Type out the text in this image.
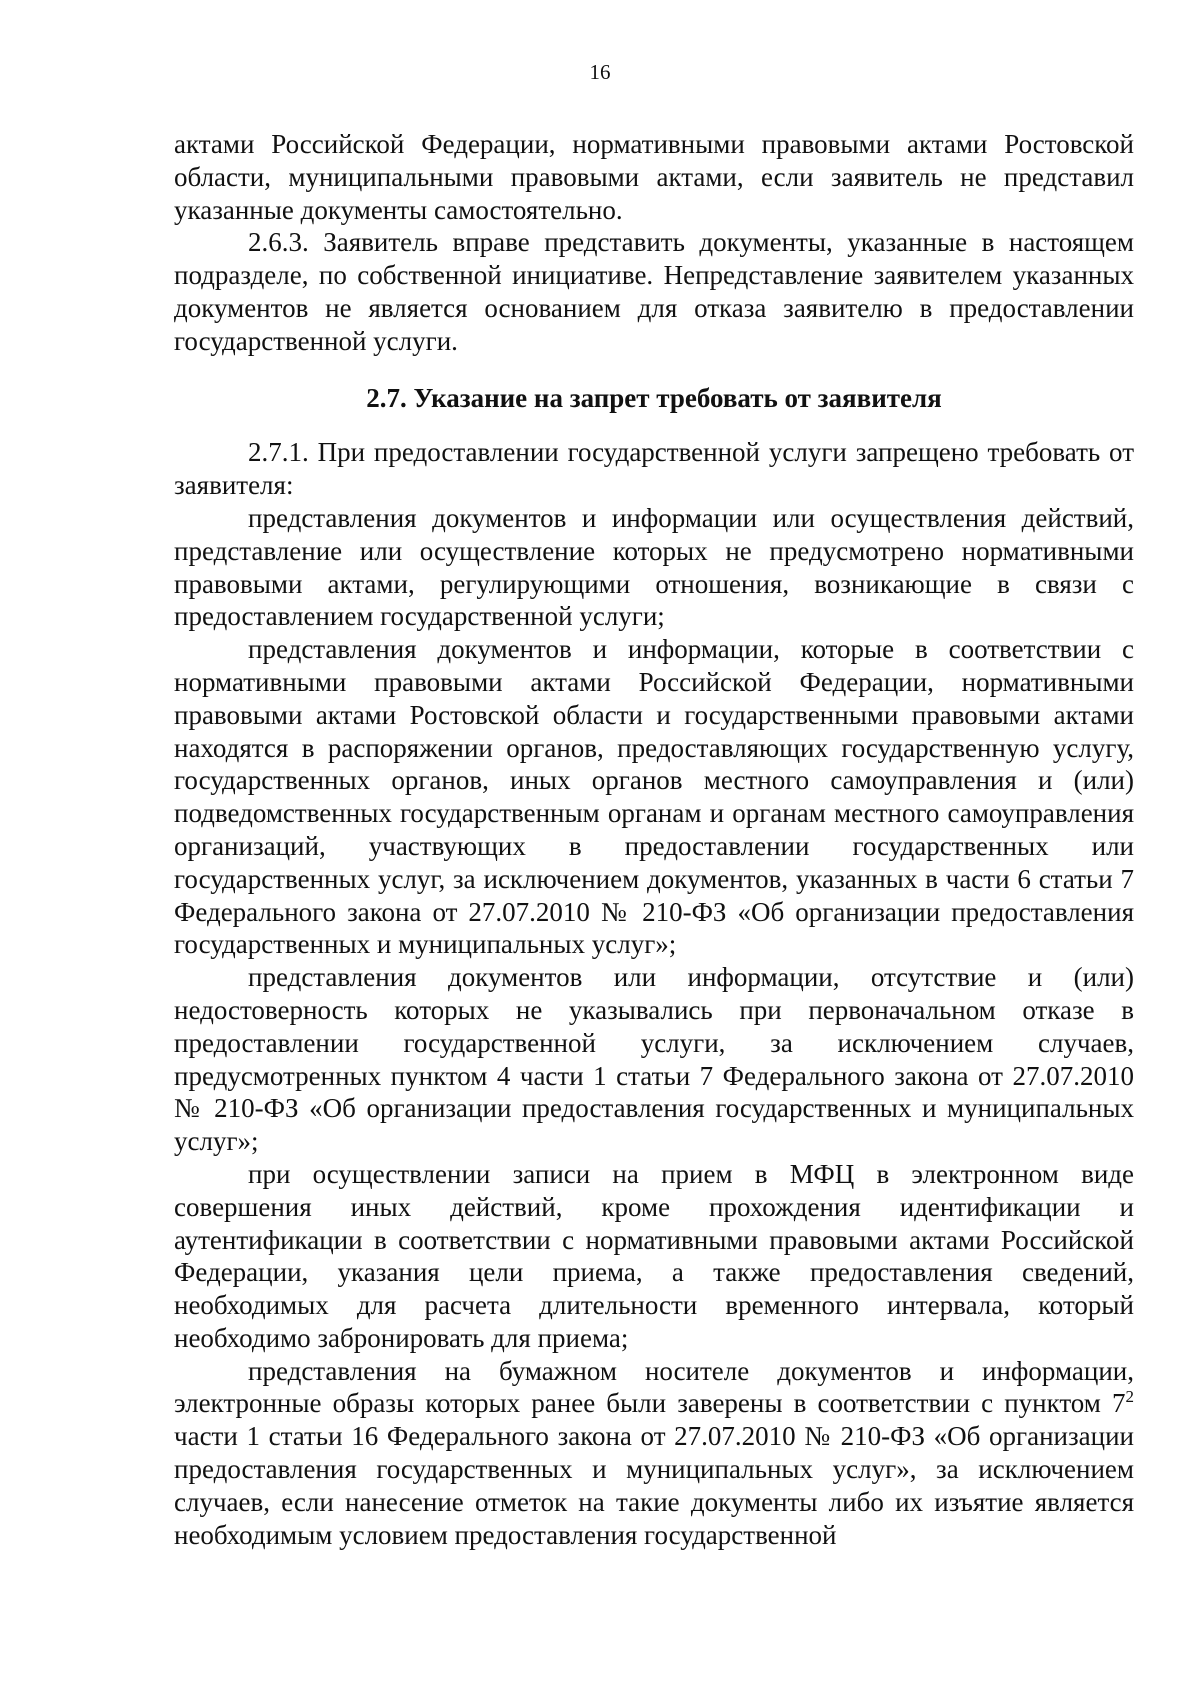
16

актами Российской Федерации, нормативными правовыми актами Ростовской области, муниципальными правовыми актами, если заявитель не представил указанные документы самостоятельно.

2.6.3. Заявитель вправе представить документы, указанные в настоящем подразделе, по собственной инициативе. Непредставление заявителем указанных документов не является основанием для отказа заявителю в предоставлении государственной услуги.

2.7. Указание на запрет требовать от заявителя

2.7.1. При предоставлении государственной услуги запрещено требовать от заявителя:

представления документов и информации или осуществления действий, представление или осуществление которых не предусмотрено нормативными правовыми актами, регулирующими отношения, возникающие в связи с предоставлением государственной услуги;

представления документов и информации, которые в соответствии с нормативными правовыми актами Российской Федерации, нормативными правовыми актами Ростовской области и государственными правовыми актами находятся в распоряжении органов, предоставляющих государственную услугу, государственных органов, иных органов местного самоуправления и (или) подведомственных государственным органам и органам местного самоуправления организаций, участвующих в предоставлении государственных или государственных услуг, за исключением документов, указанных в части 6 статьи 7 Федерального закона от 27.07.2010 № 210-ФЗ «Об организации предоставления государственных и муниципальных услуг»;

представления документов или информации, отсутствие и (или) недостоверность которых не указывались при первоначальном отказе в предоставлении государственной услуги, за исключением случаев, предусмотренных пунктом 4 части 1 статьи 7 Федерального закона от 27.07.2010 № 210-ФЗ «Об организации предоставления государственных и муниципальных услуг»;

при осуществлении записи на прием в МФЦ в электронном виде совершения иных действий, кроме прохождения идентификации и аутентификации в соответствии с нормативными правовыми актами Российской Федерации, указания цели приема, а также предоставления сведений, необходимых для расчета длительности временного интервала, который необходимо забронировать для приема;

представления на бумажном носителе документов и информации, электронные образы которых ранее были заверены в соответствии с пунктом $7^2$ части 1 статьи 16 Федерального закона от 27.07.2010 № 210-ФЗ «Об организации предоставления государственных и муниципальных услуг», за исключением случаев, если нанесение отметок на такие документы либо их изъятие является необходимым условием предоставления государственной
